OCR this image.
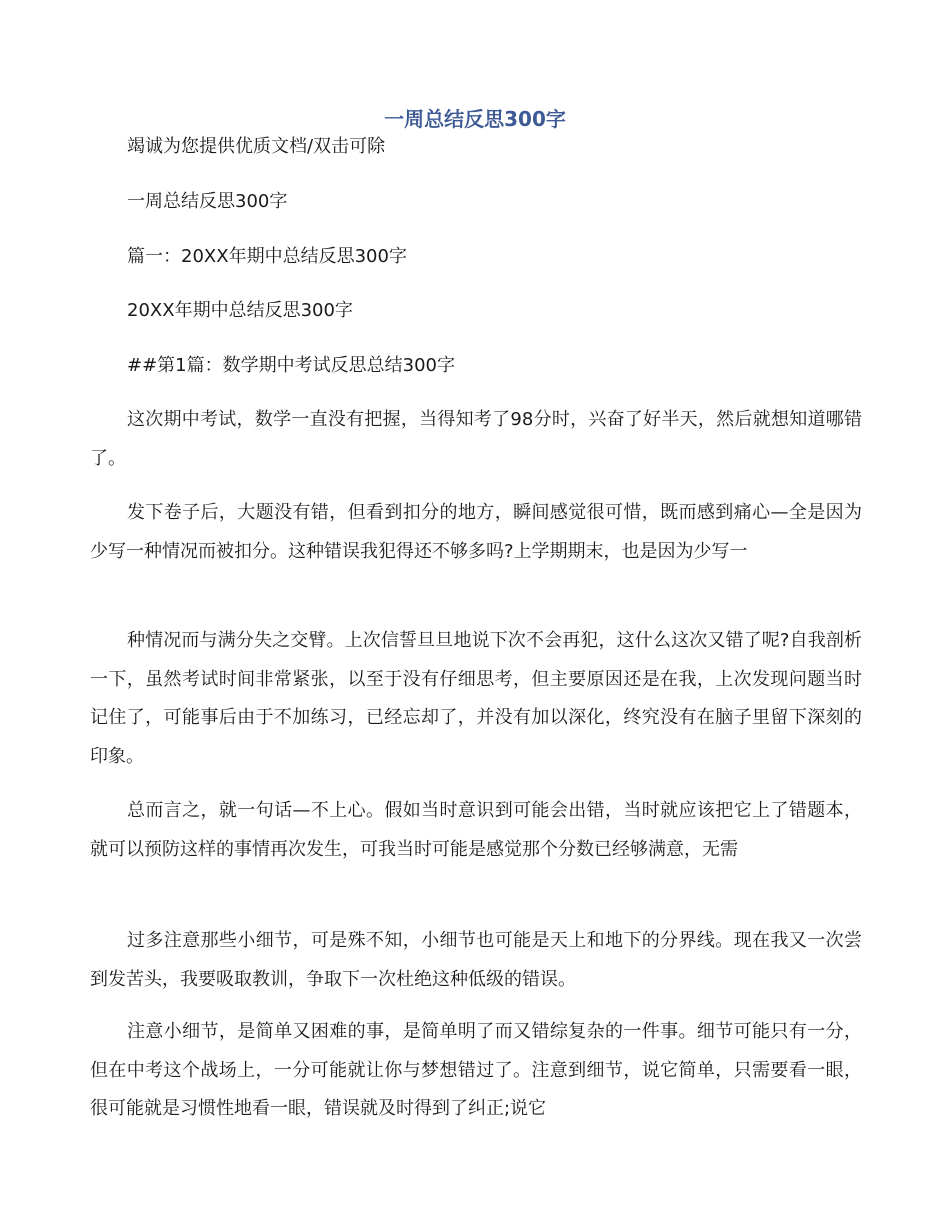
一周总结反思300字
竭诚为您提供优质文档/双击可除
一周总结反思300字
篇一：20XX年期中总结反思300字
20XX年期中总结反思300字
##第1篇：数学期中考试反思总结300字
这次期中考试，数学一直没有把握，当得知考了98分时，兴奋了好半天，然后就想知道哪错了。
发下卷子后，大题没有错，但看到扣分的地方，瞬间感觉很可惜，既而感到痛心—全是因为少写一种情况而被扣分。这种错误我犯得还不够多吗?上学期期末，也是因为少写一
种情况而与满分失之交臂。上次信誓旦旦地说下次不会再犯，这什么这次又错了呢?自我剖析一下，虽然考试时间非常紧张，以至于没有仔细思考，但主要原因还是在我，上次发现问题当时记住了，可能事后由于不加练习，已经忘却了，并没有加以深化，终究没有在脑子里留下深刻的印象。
总而言之，就一句话—不上心。假如当时意识到可能会出错，当时就应该把它上了错题本，就可以预防这样的事情再次发生，可我当时可能是感觉那个分数已经够满意，无需
过多注意那些小细节，可是殊不知，小细节也可能是天上和地下的分界线。现在我又一次尝到发苦头，我要吸取教训，争取下一次杜绝这种低级的错误。
注意小细节，是简单又困难的事，是简单明了而又错综复杂的一件事。细节可能只有一分，但在中考这个战场上，一分可能就让你与梦想错过了。注意到细节，说它简单，只需要看一眼，很可能就是习惯性地看一眼，错误就及时得到了纠正;说它
